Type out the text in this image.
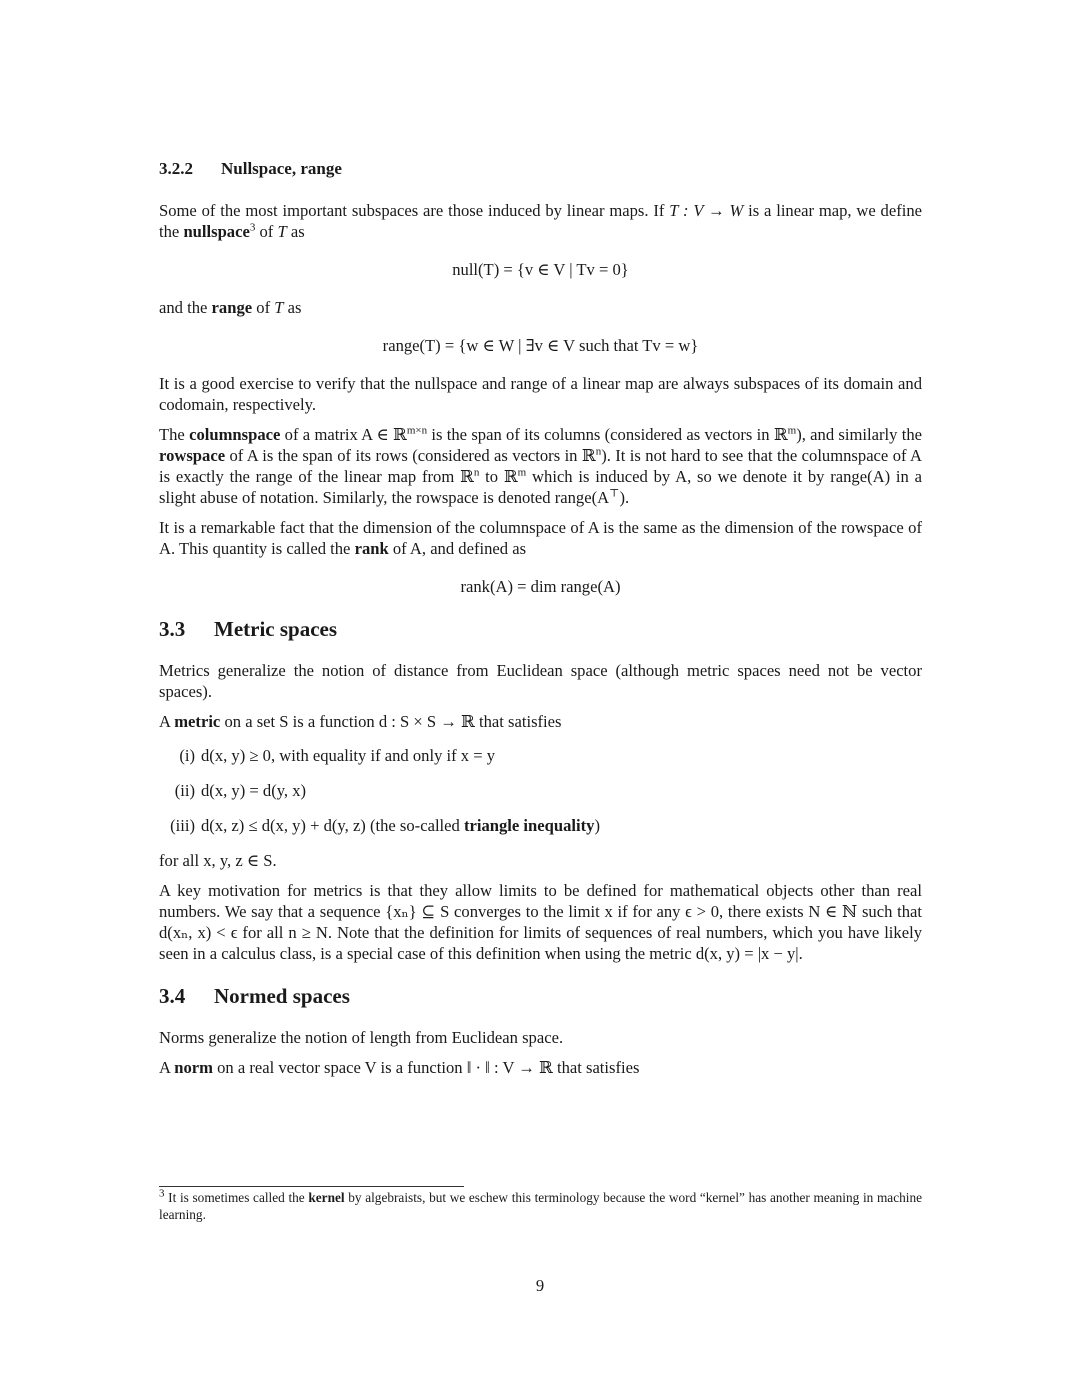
3.2.2 Nullspace, range

Some of the most important subspaces are those induced by linear maps. If T : V → W is a linear map, we define the nullspace$^3$ of T as

null(T) = {v ∈ V | Tv = 0}

and the range of T as

range(T) = {w ∈ W | ∃v ∈ V such that Tv = w}

It is a good exercise to verify that the nullspace and range of a linear map are always subspaces of its domain and codomain, respectively.

The columnspace of a matrix A ∈ ℝ$^{m\times n}$ is the span of its columns (considered as vectors in ℝ$^m$), and similarly the rowspace of A is the span of its rows (considered as vectors in ℝ$^n$). It is not hard to see that the columnspace of A is exactly the range of the linear map from ℝ$^n$ to ℝ$^m$ which is induced by A, so we denote it by range(A) in a slight abuse of notation. Similarly, the rowspace is denoted range(A⊤).

It is a remarkable fact that the dimension of the columnspace of A is the same as the dimension of the rowspace of A. This quantity is called the rank of A, and defined as

rank(A) = dim range(A)

3.3 Metric spaces

Metrics generalize the notion of distance from Euclidean space (although metric spaces need not be vector spaces).

A metric on a set S is a function d : S × S → ℝ that satisfies

(i) d(x, y) ≥ 0, with equality if and only if x = y
(ii) d(x, y) = d(y, x)
(iii) d(x, z) ≤ d(x, y) + d(y, z) (the so-called triangle inequality)

for all x, y, z ∈ S.

A key motivation for metrics is that they allow limits to be defined for mathematical objects other than real numbers. We say that a sequence {xₙ} ⊆ S converges to the limit x if for any ϵ > 0, there exists N ∈ ℕ such that d(xₙ, x) < ϵ for all n ≥ N. Note that the definition for limits of sequences of real numbers, which you have likely seen in a calculus class, is a special case of this definition when using the metric d(x, y) = |x − y|.

3.4 Normed spaces

Norms generalize the notion of length from Euclidean space.

A norm on a real vector space V is a function ‖ · ‖ : V → ℝ that satisfies

$^3$ It is sometimes called the kernel by algebraists, but we eschew this terminology because the word “kernel” has another meaning in machine learning.
9
